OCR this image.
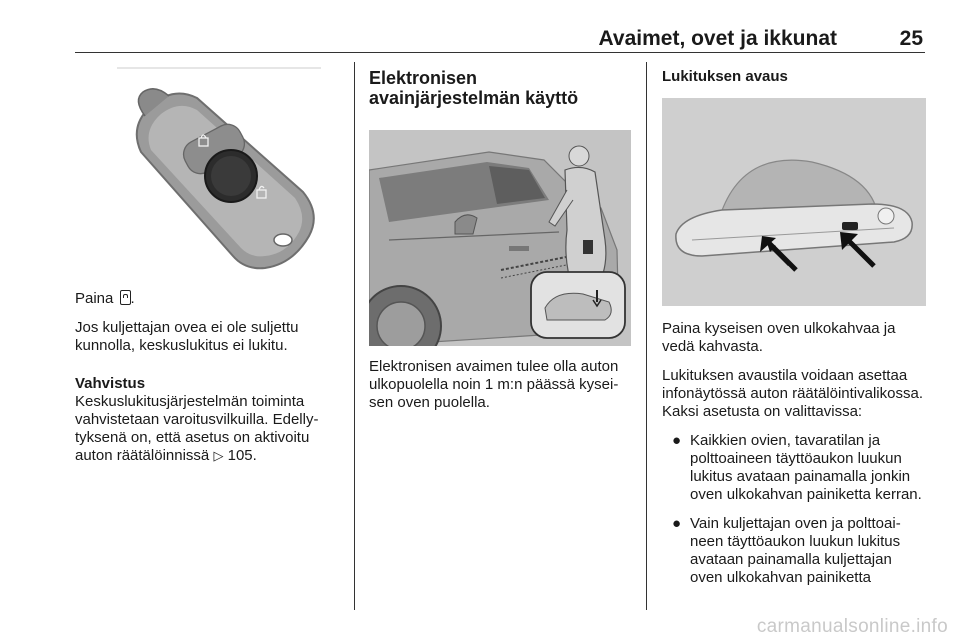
Avaimet, ovet ja ikkunat	25

Paina .

Jos kuljettajan ovea ei ole suljettu kunnolla, keskuslukitus ei lukitu.

Vahvistus

Keskuslukitusjärjestelmän toiminta vahvistetaan varoitusvilkuilla. Edellytyksenä on, että asetus on aktivoitu auton räätälöinnissä ▷ 105.

Elektronisen avainjärjestelmän käyttö

Elektronisen avaimen tulee olla auton ulkopuolella noin 1 m:n päässä kyseisen oven puolella.

Lukituksen avaus

Paina kyseisen oven ulkokahvaa ja vedä kahvasta.

Lukituksen avaustila voidaan asettaa infonäytössä auton räätälöintivalikossa. Kaksi asetusta on valittavissa:

● Kaikkien ovien, tavaratilan ja polttoaineen täyttöaukon luukun lukitus avataan painamalla jonkin oven ulkokahvan painiketta kerran.
● Vain kuljettajan oven ja polttoaineen täyttöaukon luukun lukitus avataan painamalla kuljettajan oven ulkokahvan painiketta
carmanualsonline.info
